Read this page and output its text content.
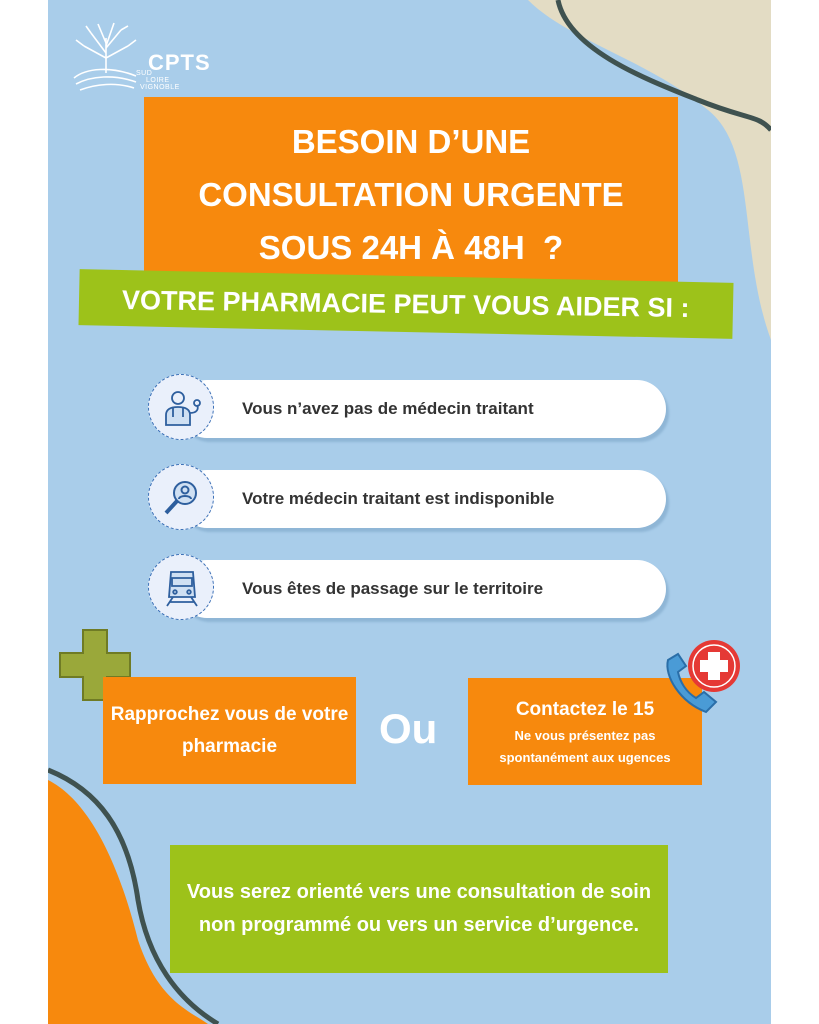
CPTS
SUD
LOIRE
VIGNOBLE
BESOIN D’UNE
CONSULTATION URGENTE
SOUS 24H À 48H  ?
VOTRE PHARMACIE PEUT VOUS AIDER SI :
Vous n’avez pas de médecin traitant
Votre médecin traitant est indisponible
Vous êtes de passage sur le territoire
Rapprochez vous de votre pharmacie	Ou	Contactez le 15
Ne vous présentez pas spontanément aux ugences
Vous serez orienté vers une consultation de soin non programmé ou vers un service d’urgence.
